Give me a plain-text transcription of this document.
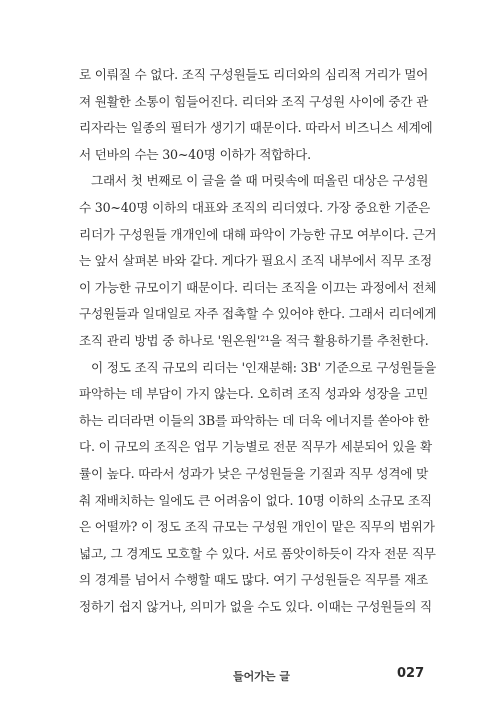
로 이뤄질 수 없다. 조직 구성원들도 리더와의 심리적 거리가 멀어
져 원활한 소통이 힘들어진다. 리더와 조직 구성원 사이에 중간 관
리자라는 일종의 필터가 생기기 때문이다. 따라서 비즈니스 세계에
서 던바의 수는 30~40명 이하가 적합하다.
그래서 첫 번째로 이 글을 쓸 때 머릿속에 떠올린 대상은 구성원
수 30~40명 이하의 대표와 조직의 리더였다. 가장 중요한 기준은
리더가 구성원들 개개인에 대해 파악이 가능한 규모 여부이다. 근거
는 앞서 살펴본 바와 같다. 게다가 필요시 조직 내부에서 직무 조정
이 가능한 규모이기 때문이다. 리더는 조직을 이끄는 과정에서 전체
구성원들과 일대일로 자주 접촉할 수 있어야 한다. 그래서 리더에게
조직 관리 방법 중 하나로 '원온원'²¹을 적극 활용하기를 추천한다.
이 정도 조직 규모의 리더는 '인재분해: 3B' 기준으로 구성원들을
파악하는 데 부담이 가지 않는다. 오히려 조직 성과와 성장을 고민
하는 리더라면 이들의 3B를 파악하는 데 더욱 에너지를 쏟아야 한
다. 이 규모의 조직은 업무 기능별로 전문 직무가 세분되어 있을 확
률이 높다. 따라서 성과가 낮은 구성원들을 기질과 직무 성격에 맞
춰 재배치하는 일에도 큰 어려움이 없다. 10명 이하의 소규모 조직
은 어떨까? 이 정도 조직 규모는 구성원 개인이 맡은 직무의 범위가
넓고, 그 경계도 모호할 수 있다. 서로 품앗이하듯이 각자 전문 직무
의 경계를 넘어서 수행할 때도 많다. 여기 구성원들은 직무를 재조
정하기 쉽지 않거나, 의미가 없을 수도 있다. 이때는 구성원들의 직
들어가는 글	027
